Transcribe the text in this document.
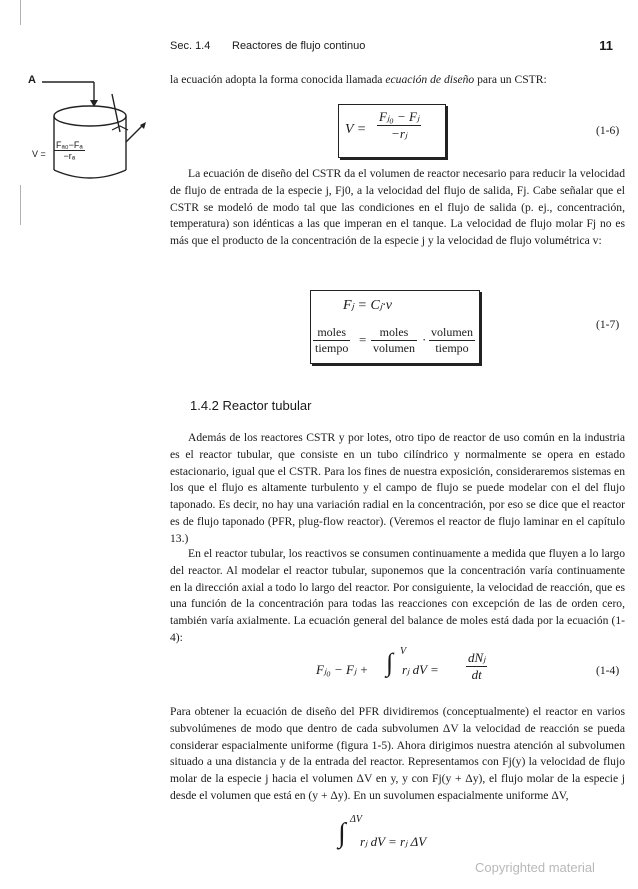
Sec. 1.4 Reactores de flujo continuo	11
A
$V = \frac{\text{Fₐ₀−Fₐ}}{\text{−rₐ}}$
la ecuación adopta la forma conocida llamada ecuación de diseño para un CSTR:
$V = \frac{\text{Fⱼ₀ − Fⱼ}}{\text{−rⱼ}}$	(1-6)
La ecuación de diseño del CSTR da el volumen de reactor necesario para reducir la velocidad de flujo de entrada de la especie j, Fj0, a la velocidad del flujo de salida, Fj. Cabe señalar que el CSTR se modeló de modo tal que las condiciones en el flujo de salida (p. ej., concentración, temperatura) son idénticas a las que imperan en el tanque. La velocidad de flujo molar Fj no es más que el producto de la concentración de la especie j y la velocidad de flujo volumétrica v:
Fⱼ = Cⱼ·v
moles
tiempo
=	moles
volumen
· volumen
tiempo
(1-7)
1.4.2 Reactor tubular
Además de los reactores CSTR y por lotes, otro tipo de reactor de uso común en la industria es el reactor tubular, que consiste en un tubo cilíndrico y normalmente se opera en estado estacionario, igual que el CSTR. Para los fines de nuestra exposición, consideraremos sistemas en los que el flujo es altamente turbulento y el campo de flujo se puede modelar con el del flujo taponado. Es decir, no hay una variación radial en la concentración, por eso se dice que el reactor es de flujo taponado (PFR, plug-flow reactor). (Veremos el reactor de flujo laminar en el capítulo 13.)
En el reactor tubular, los reactivos se consumen continuamente a medida que fluyen a lo largo del reactor. Al modelar el reactor tubular, suponemos que la concentración varía continuamente en la dirección axial a todo lo largo del reactor. Por consiguiente, la velocidad de reacción, que es una función de la concentración para todas las reacciones con excepción de las de orden cero, también varía axialmente. La ecuación general del balance de moles está dada por la ecuación (1-4):
Fⱼ₀ − Fⱼ + ∫ V
rⱼ dV =
dNⱼ
dt	(1-4)
Para obtener la ecuación de diseño del PFR dividiremos (conceptualmente) el reactor en varios subvolúmenes de modo que dentro de cada subvolumen ΔV la velocidad de reacción se pueda considerar espacialmente uniforme (figura 1-5). Ahora dirigimos nuestra atención al subvolumen situado a una distancia y de la entrada del reactor. Representamos con Fj(y) la velocidad de flujo molar de la especie j hacia el volumen ΔV en y, y con Fj(y + Δy), el flujo molar de la especie j desde el volumen que está en (y + Δy). En un suvolumen espacialmente uniforme ΔV,
∫ ΔV
rⱼ dV = rⱼ ΔV
Copyrighted material
